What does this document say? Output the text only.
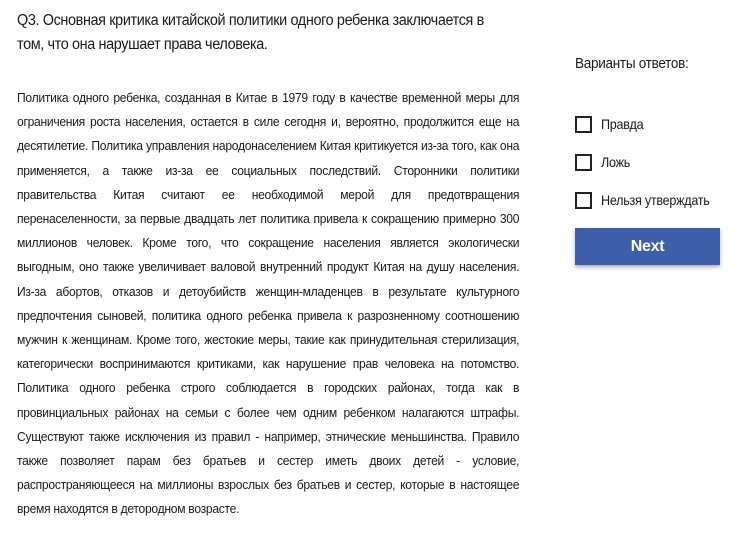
Q3. Основная критика китайской политики одного ребенка заключается в том, что она нарушает права человека.
Политика одного ребенка, созданная в Китае в 1979 году в качестве временной меры для ограничения роста населения, остается в силе сегодня и, вероятно, продолжится еще на десятилетие. Политика управления народонаселением Китая критикуется из-за того, как она применяется, а также из-за ее социальных последствий. Сторонники политики правительства Китая считают ее необходимой мерой для предотвращения перенаселенности, за первые двадцать лет политика привела к сокращению примерно 300 миллионов человек. Кроме того, что сокращение населения является экологически выгодным, оно также увеличивает валовой внутренний продукт Китая на душу населения. Из-за абортов, отказов и детоубийств женщин-младенцев в результате культурного предпочтения сыновей, политика одного ребенка привела к разрозненному соотношению мужчин к женщинам. Кроме того, жестокие меры, такие как принудительная стерилизация, категорически воспринимаются критиками, как нарушение прав человека на потомство. Политика одного ребенка строго соблюдается в городских районах, тогда как в провинциальных районах на семьи с более чем одним ребенком налагаются штрафы. Существуют также исключения из правил - например, этнические меньшинства. Правило также позволяет парам без братьев и сестер иметь двоих детей - условие, распространяющееся на миллионы взрослых без братьев и сестер, которые в настоящее время находятся в детородном возрасте.
Варианты ответов:
Правда
Ложь
Нельзя утверждать
Next
